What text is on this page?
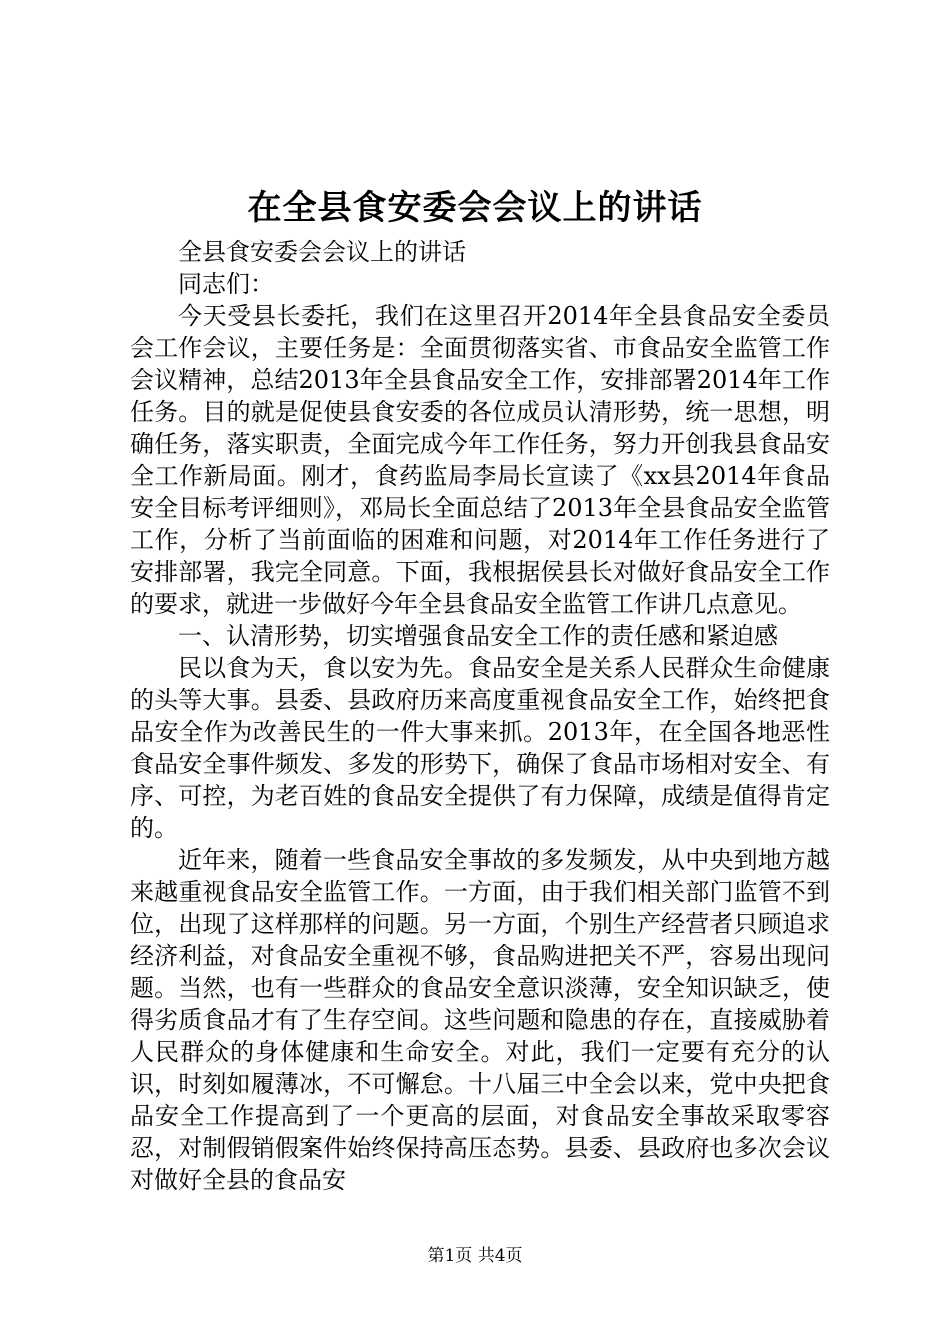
在全县食安委会会议上的讲话

全县食安委会会议上的讲话

同志们：

今天受县长委托，我们在这里召开2014年全县食品安全委员会工作会议，主要任务是：全面贯彻落实省、市食品安全监管工作会议精神，总结2013年全县食品安全工作，安排部署2014年工作任务。目的就是促使县食安委的各位成员认清形势，统一思想，明确任务，落实职责，全面完成今年工作任务，努力开创我县食品安全工作新局面。刚才，食药监局李局长宣读了《xx县2014年食品安全目标考评细则》，邓局长全面总结了2013年全县食品安全监管工作，分析了当前面临的困难和问题，对2014年工作任务进行了安排部署，我完全同意。下面，我根据侯县长对做好食品安全工作的要求，就进一步做好今年全县食品安全监管工作讲几点意见。

一、认清形势，切实增强食品安全工作的责任感和紧迫感

民以食为天，食以安为先。食品安全是关系人民群众生命健康的头等大事。县委、县政府历来高度重视食品安全工作，始终把食品安全作为改善民生的一件大事来抓。2013年，在全国各地恶性食品安全事件频发、多发的形势下，确保了食品市场相对安全、有序、可控，为老百姓的食品安全提供了有力保障，成绩是值得肯定的。

近年来，随着一些食品安全事故的多发频发，从中央到地方越来越重视食品安全监管工作。一方面，由于我们相关部门监管不到位，出现了这样那样的问题。另一方面，个别生产经营者只顾追求经济利益，对食品安全重视不够，食品购进把关不严，容易出现问题。当然，也有一些群众的食品安全意识淡薄，安全知识缺乏，使得劣质食品才有了生存空间。这些问题和隐患的存在，直接威胁着人民群众的身体健康和生命安全。对此，我们一定要有充分的认识，时刻如履薄冰，不可懈怠。十八届三中全会以来，党中央把食品安全工作提高到了一个更高的层面，对食品安全事故采取零容忍，对制假销假案件始终保持高压态势。县委、县政府也多次会议对做好全县的食品安

第1页 共4页
